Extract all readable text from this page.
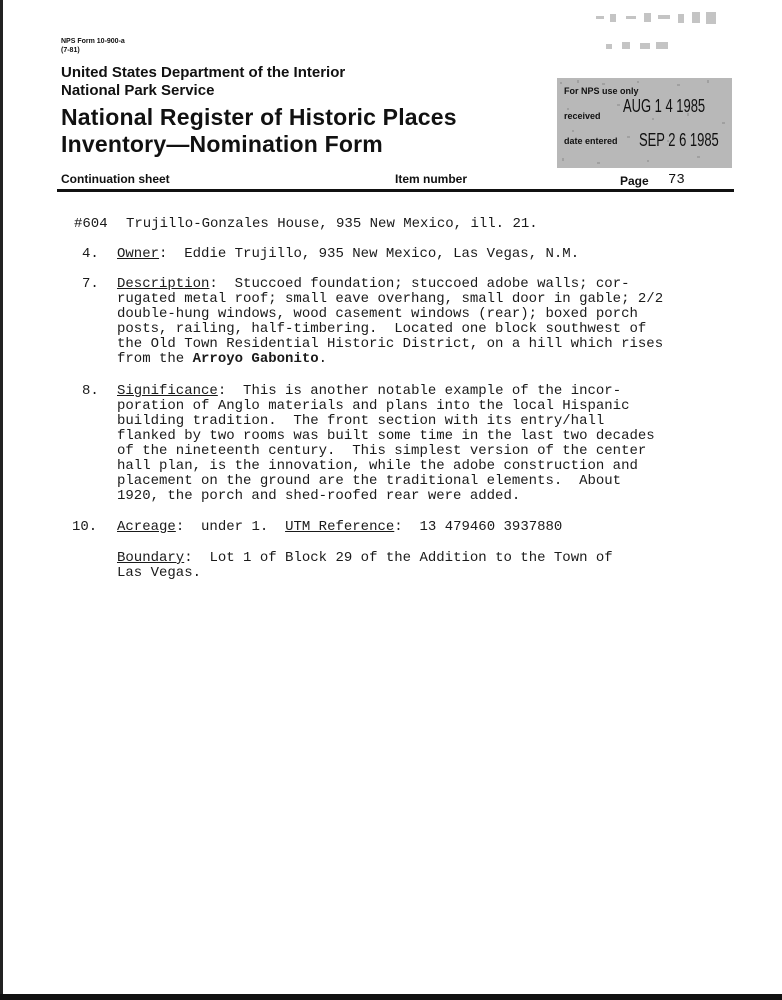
NPS Form 10-900-a
(7-81)
United States Department of the Interior
National Park Service
National Register of Historic Places
Inventory—Nomination Form
For NPS use only
received AUG 1 4 1985
date entered SEP 2 6 1985
Continuation sheet	Item number	Page 73
#604 Trujillo-Gonzales House, 935 New Mexico, ill. 21.
4. Owner:  Eddie Trujillo, 935 New Mexico, Las Vegas, N.M.
7. Description:  Stuccoed foundation; stuccoed adobe walls; cor-
rugated metal roof; small eave overhang, small door in gable; 2/2
double-hung windows, wood casement windows (rear); boxed porch
posts, railing, half-timbering.  Located one block southwest of
the Old Town Residential Historic District, on a hill which rises
from the Arroyo Gabonito.
8. Significance:  This is another notable example of the incor-
poration of Anglo materials and plans into the local Hispanic
building tradition.  The front section with its entry/hall
flanked by two rooms was built some time in the last two decades
of the nineteenth century.  This simplest version of the center
hall plan, is the innovation, while the adobe construction and
placement on the ground are the traditional elements.  About
1920, the porch and shed-roofed rear were added.
10. Acreage:  under 1. UTM Reference:  13 479460 3937880
Boundary:  Lot 1 of Block 29 of the Addition to the Town of
Las Vegas.
